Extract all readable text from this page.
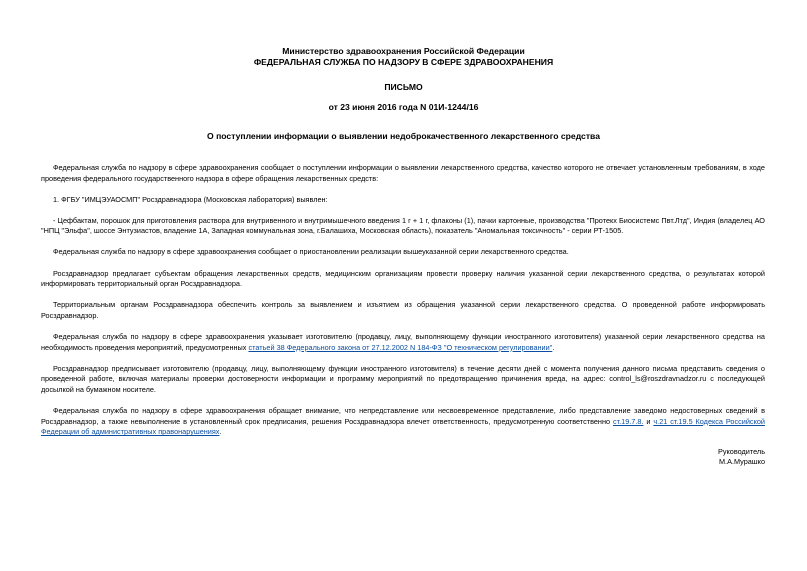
Министерство здравоохранения Российской Федерации
ФЕДЕРАЛЬНАЯ СЛУЖБА ПО НАДЗОРУ В СФЕРЕ ЗДРАВООХРАНЕНИЯ
ПИСЬМО
от 23 июня 2016 года N 01И-1244/16
О поступлении информации о выявлении недоброкачественного лекарственного средства

Федеральная служба по надзору в сфере здравоохранения сообщает о поступлении информации о выявлении лекарственного средства, качество которого не отвечает установленным требованиям, в ходе проведения федерального государственного надзора в сфере обращения лекарственных средств:

1. ФГБУ "ИМЦЭУАОСМП" Росздравнадзора (Московская лаборатория) выявлен:

- Цефбактам, порошок для приготовления раствора для внутривенного и внутримышечного введения 1 г + 1 г, флаконы (1), пачки картонные, производства "Протекх Биосистемс Пвт.Лтд", Индия (владелец АО "НПЦ "Эльфа", шоссе Энтузиастов, владение 1А, Западная коммунальная зона, г.Балашиха, Московская область), показатель "Аномальная токсичность" - серии РТ-1505.

Федеральная служба по надзору в сфере здравоохранения сообщает о приостановлении реализации вышеуказанной серии лекарственного средства.

Росздравнадзор предлагает субъектам обращения лекарственных средств, медицинским организациям провести проверку наличия указанной серии лекарственного средства, о результатах которой информировать территориальный орган Росздравнадзора.

Территориальным органам Росздравнадзора обеспечить контроль за выявлением и изъятием из обращения указанной серии лекарственного средства. О проведенной работе информировать Росздравнадзор.

Федеральная служба по надзору в сфере здравоохранения указывает изготовителю (продавцу, лицу, выполняющему функции иностранного изготовителя) указанной серии лекарственного средства на необходимость проведения мероприятий, предусмотренных статьей 38 Федерального закона от 27.12.2002 N 184-ФЗ "О техническом регулировании".

Росздравнадзор предписывает изготовителю (продавцу, лицу, выполняющему функции иностранного изготовителя) в течение десяти дней с момента получения данного письма представить сведения о проведенной работе, включая материалы проверки достоверности информации и программу мероприятий по предотвращению причинения вреда, на адрес: control_ls@roszdravnadzor.ru с последующей досылкой на бумажном носителе.

Федеральная служба по надзору в сфере здравоохранения обращает внимание, что непредставление или несвоевременное представление, либо представление заведомо недостоверных сведений в Росздравнадзор, а также невыполнение в установленный срок предписания, решения Росздравнадзора влечет ответственность, предусмотренную соответственно ст.19.7.8. и ч.21 ст.19.5 Кодекса Российской Федерации об административных правонарушениях.

Руководитель

М.А.Мурашко
